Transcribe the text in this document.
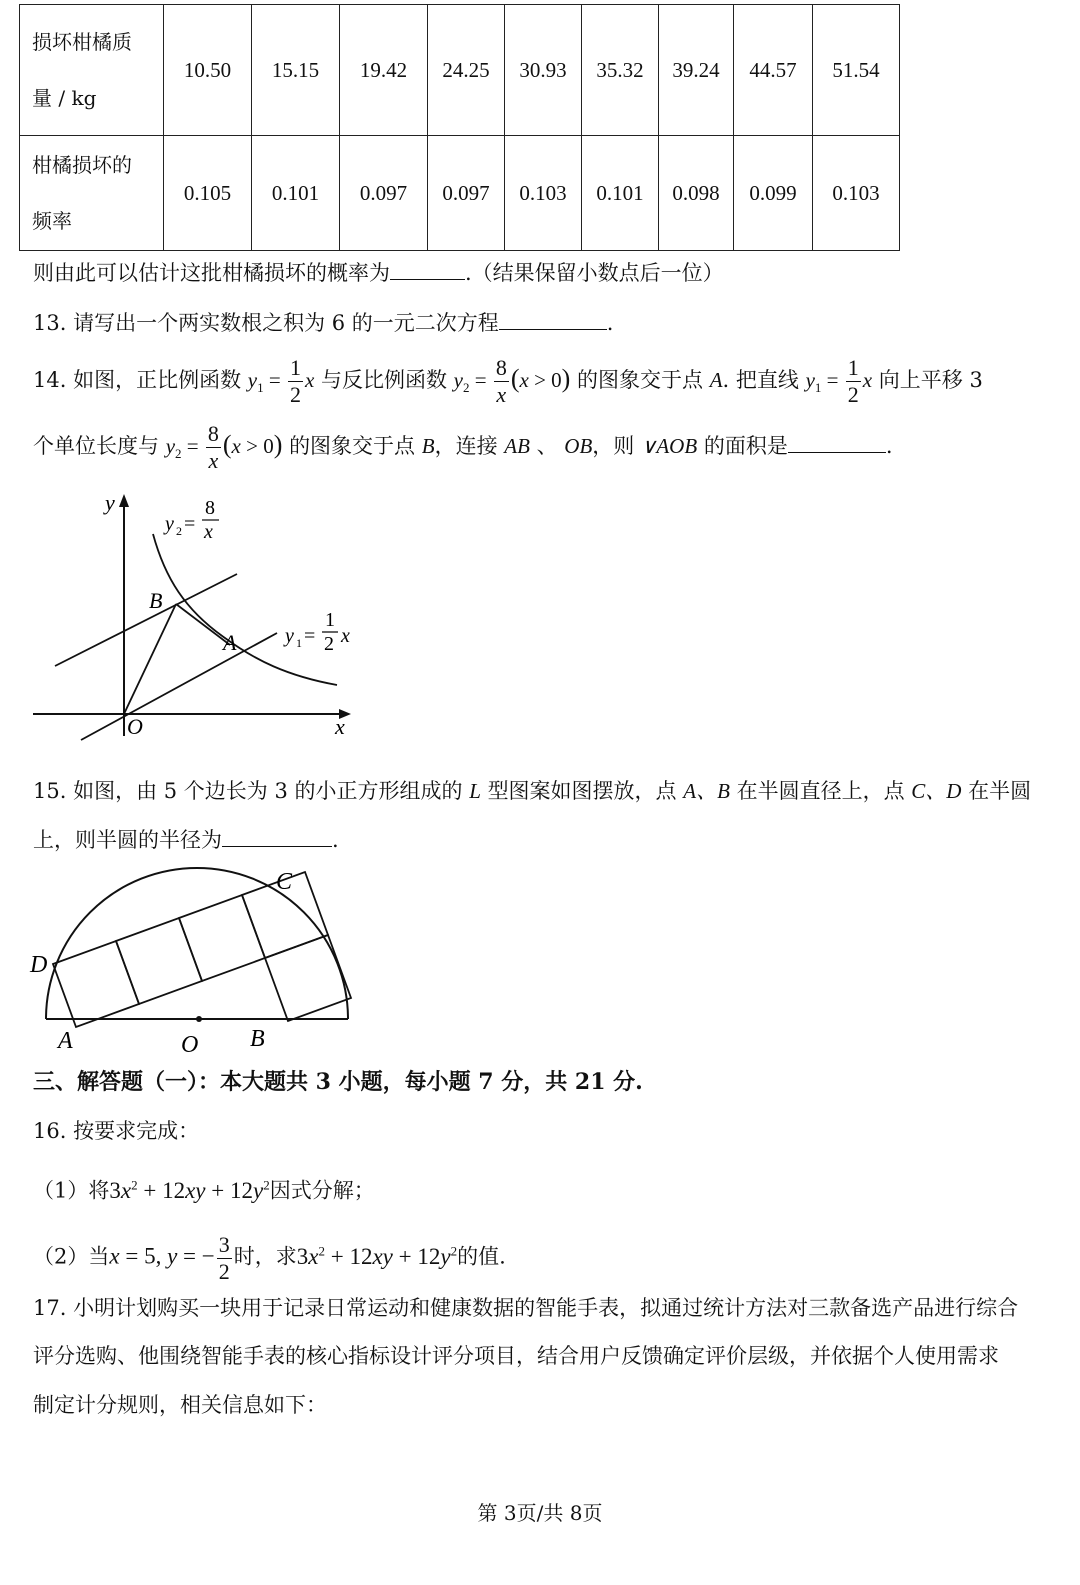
损坏柑橘质
量 / kg	10.50	15.15	19.42	24.25	30.93	35.32	39.24	44.57	51.54

柑橘损坏的
频率	0.105	0.101	0.097	0.097	0.103	0.101	0.098	0.099	0.103
则由此可以估计这批柑橘损坏的概率为	.（结果保留小数点后一位）
13. 请写出一个两实数根之积为 6 的一元二次方程	.
14. 如图，正比例函数 $y_1 = \frac{1}{2}$ x 与反比例函数 $y_2 = \frac{8}{x} (x > 0)$ 的图象交于点 A. 把直线 $y_1 = \frac{1}{2}$ x 向上平移 3
个单位长度与 $y_2 = \frac{8}{x} (x > 0)$ 的图象交于点 B，连接 AB 、 OB，则 ∨AOB 的面积是	.
y
x
O
B
A
y 2 =
8
x
y 1 =
1
2 x
15. 如图，由 5 个边长为 3 的小正方形组成的 L 型图案如图摆放，点 A、B 在半圆直径上，点 C、D 在半圆
上，则半圆的半径为	.
D
C
A	O B
三、解答题（一）：本大题共 3 小题，每小题 7 分，共 21 分.
16. 按要求完成：
（1）将$3x^2 + 12xy + 12y^2$因式分解；
（2）当x = 5, y = − $\frac{3}{2}$ 时，求$3x^2 + 12xy + 12y^2$的值.
17. 小明计划购买一块用于记录日常运动和健康数据的智能手表，拟通过统计方法对三款备选产品进行综合
评分选购、他围绕智能手表的核心指标设计评分项目，结合用户反馈确定评价层级，并依据个人使用需求
制定计分规则，相关信息如下：
第 3页/共 8页
